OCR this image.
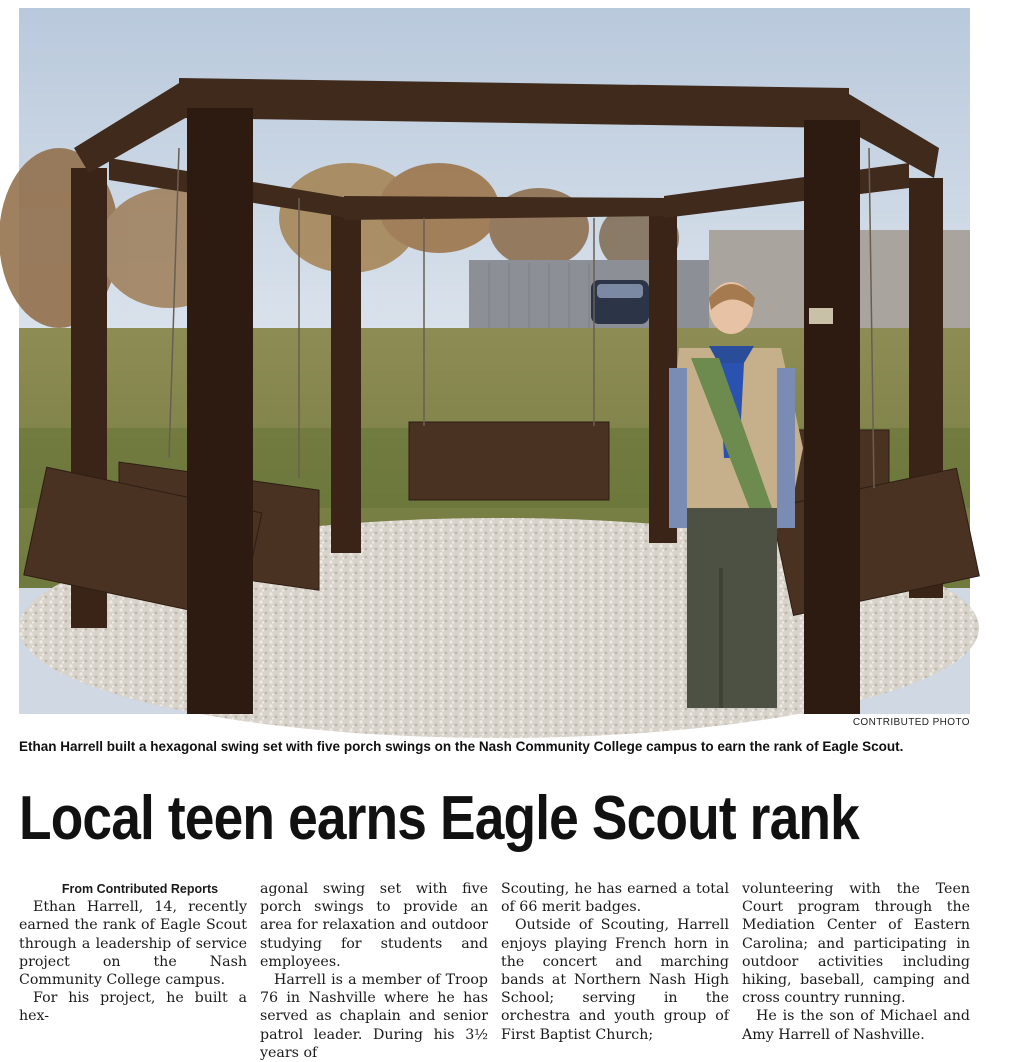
CONTRIBUTED PHOTO
Ethan Harrell built a hexagonal swing set with five porch swings on the Nash Community College campus to earn the rank of Eagle Scout.
Local teen earns Eagle Scout rank

From Contributed Reports

Ethan Harrell, 14, recently earned the rank of Eagle Scout through a leadership of service project on the Nash Community College campus.

For his project, he built a hex-

agonal swing set with five porch swings to provide an area for relaxation and outdoor studying for students and employees.

Harrell is a member of Troop 76 in Nashville where he has served as chaplain and senior patrol leader. During his 3½ years of

Scouting, he has earned a total of 66 merit badges.

Outside of Scouting, Harrell enjoys playing French horn in the concert and marching bands at Northern Nash High School; serving in the orchestra and youth group of First Baptist Church;

volunteering with the Teen Court program through the Mediation Center of Eastern Carolina; and participating in outdoor activities including hiking, baseball, camping and cross country running.

He is the son of Michael and Amy Harrell of Nashville.
